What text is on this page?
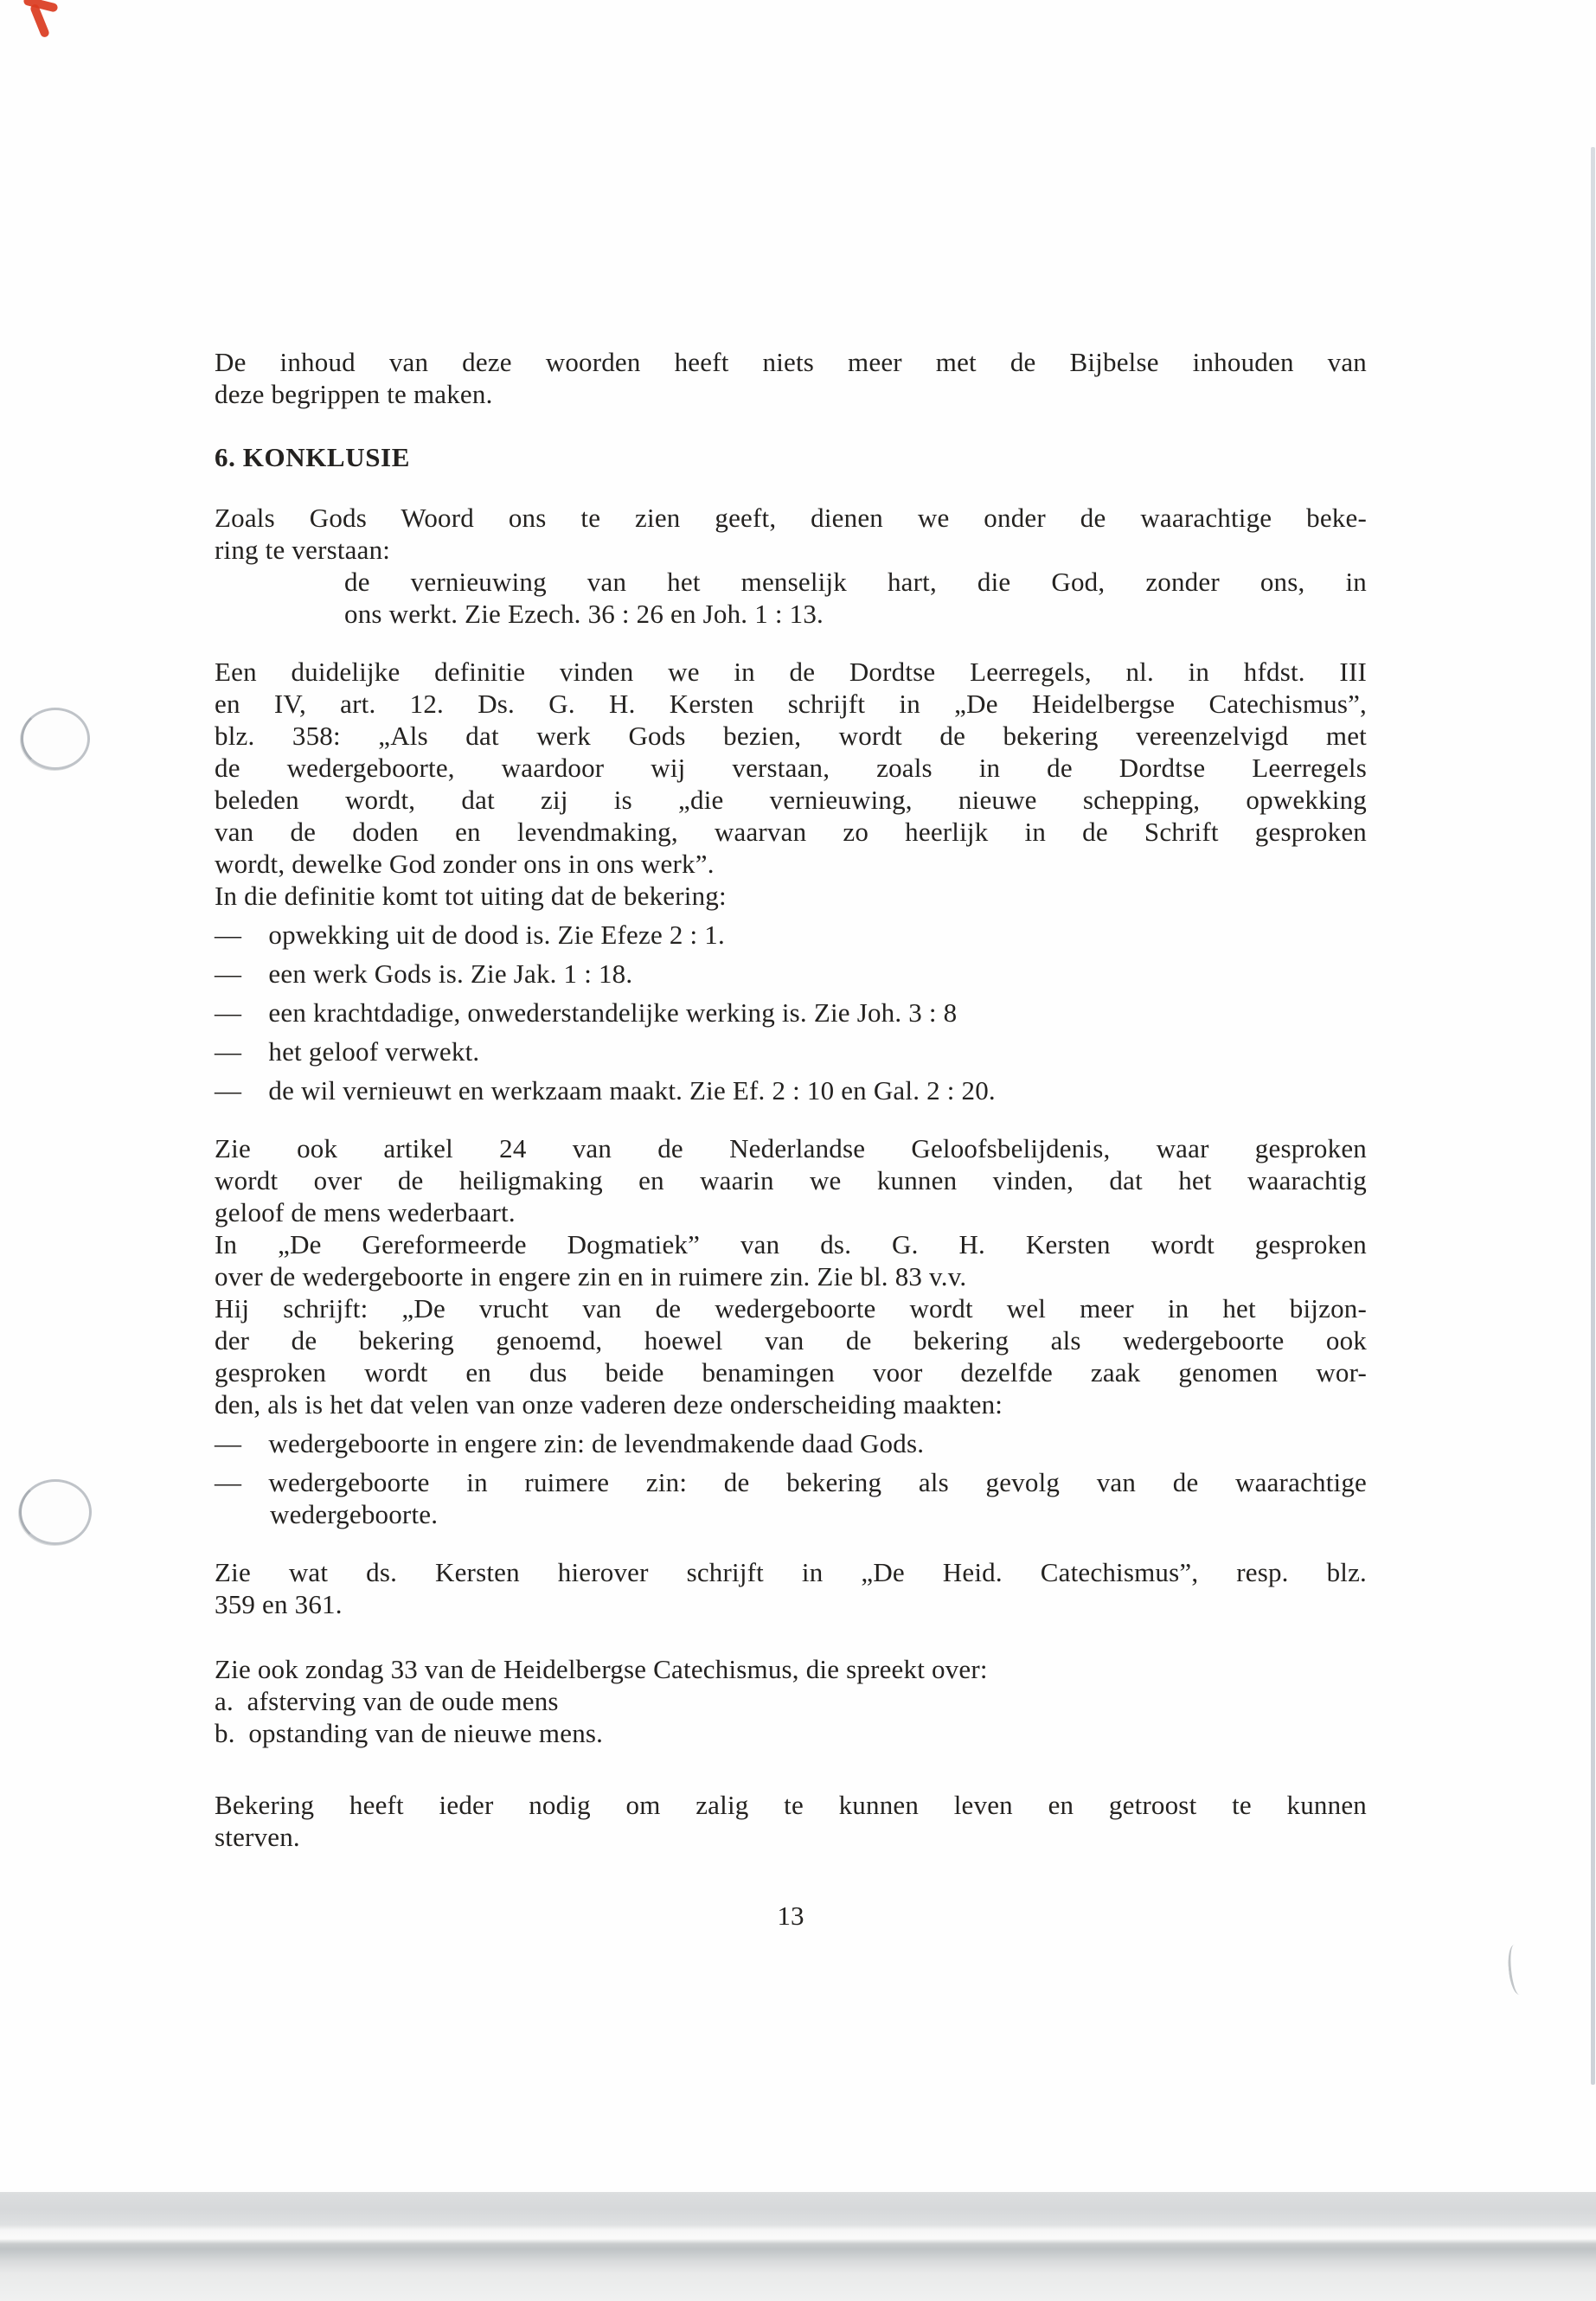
De inhoud van deze woorden heeft niets meer met de Bijbelse inhouden van
deze begrippen te maken.
6. KONKLUSIE
Zoals Gods Woord ons te zien geeft, dienen we onder de waarachtige beke-
ring te verstaan:
de vernieuwing van het menselijk hart, die God, zonder ons, in
ons werkt. Zie Ezech. 36 : 26 en Joh. 1 : 13.
Een duidelijke definitie vinden we in de Dordtse Leerregels, nl. in hfdst. III
en IV, art. 12. Ds. G. H. Kersten schrijft in „De Heidelbergse Catechismus”,
blz. 358: „Als dat werk Gods bezien, wordt de bekering vereenzelvigd met
de wedergeboorte, waardoor wij verstaan, zoals in de Dordtse Leerregels
beleden wordt, dat zij is „die vernieuwing, nieuwe schepping, opwekking
van de doden en levendmaking, waarvan zo heerlijk in de Schrift gesproken
wordt, dewelke God zonder ons in ons werk”.
In die definitie komt tot uiting dat de bekering:
— opwekking uit de dood is. Zie Efeze 2 : 1.
— een werk Gods is. Zie Jak. 1 : 18.
— een krachtdadige, onwederstandelijke werking is. Zie Joh. 3 : 8
— het geloof verwekt.
— de wil vernieuwt en werkzaam maakt. Zie Ef. 2 : 10 en Gal. 2 : 20.
Zie ook artikel 24 van de Nederlandse Geloofsbelijdenis, waar gesproken
wordt over de heiligmaking en waarin we kunnen vinden, dat het waarachtig
geloof de mens wederbaart.
In „De Gereformeerde Dogmatiek” van ds. G. H. Kersten wordt gesproken
over de wedergeboorte in engere zin en in ruimere zin. Zie bl. 83 v.v.
Hij schrijft: „De vrucht van de wedergeboorte wordt wel meer in het bijzon-
der de bekering genoemd, hoewel van de bekering als wedergeboorte ook
gesproken wordt en dus beide benamingen voor dezelfde zaak genomen wor-
den, als is het dat velen van onze vaderen deze onderscheiding maakten:
— wedergeboorte in engere zin: de levendmakende daad Gods.
— wedergeboorte in ruimere zin: de bekering als gevolg van de waarachtige
wedergeboorte.
Zie wat ds. Kersten hierover schrijft in „De Heid. Catechismus”, resp. blz.
359 en 361.
Zie ook zondag 33 van de Heidelbergse Catechismus, die spreekt over:
a. afsterving van de oude mens
b. opstanding van de nieuwe mens.
Bekering heeft ieder nodig om zalig te kunnen leven en getroost te kunnen
sterven.
13
